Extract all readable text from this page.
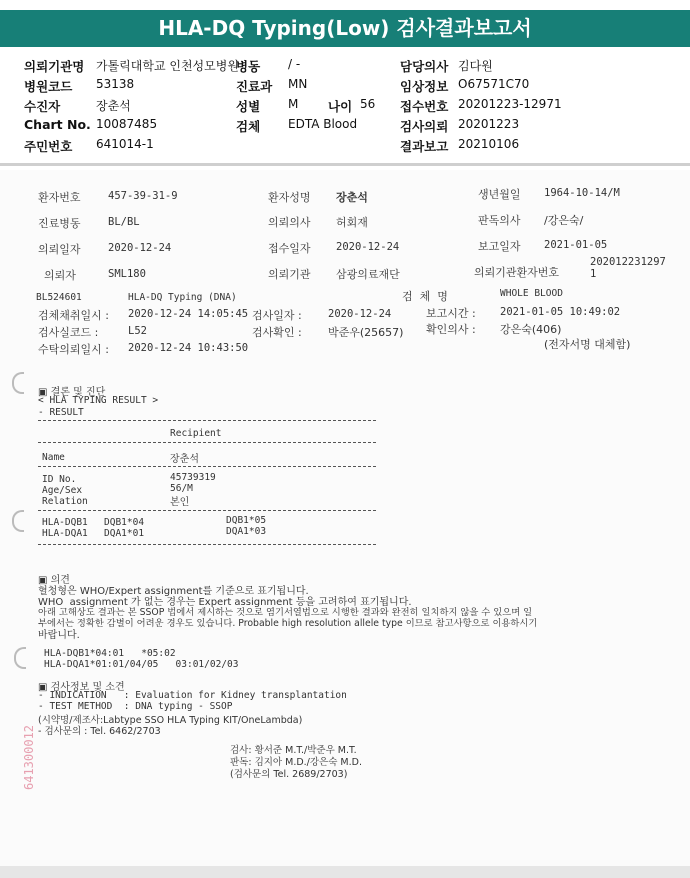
HLA-DQ Typing(Low) 검사결과보고서
의뢰기관명 가톨릭대학교 인천성모병원
병동 / -	담당의사 김다원
병원코드 53138	진료과 MN	임상정보 O67571C70
수진자	장춘석	성별 M 나이 56 접수번호 20201223-12971
Chart No. 10087485	검체 EDTA Blood	검사의뢰 20201223
주민번호 641014-1	결과보고 20210106
환자번호	457-39-31-9	환자성명 장춘석	생년월일 1964-10-14/M
진료병동	BL/BL	의뢰의사 허회재	판독의사 /강은숙/
의뢰일자	2020-12-24	접수일자 2020-12-24	보고일자 2021-01-05
의뢰자	SML180	의뢰기관 삼광의료재단	의뢰기관환자번호
202012231297
1
BL524601	HLA-DQ Typing (DNA)	검  체  명	WHOLE BLOOD
검체채취일시 : 2020-12-24 14:05:45 검사일자 :	2020-12-24	보고시간 : 2021-01-05 10:49:02
검사실코드 :	L52	검사확인 : 박준우(25657) 확인의사 : 강은숙(406)
수탁의뢰일시 : 2020-12-24 10:43:50	(전자서명 대체함)
▣ 결론 및 진단
< HLA TYPING RESULT >
- RESULT
Recipient
Name	장춘석
ID No.	45739319
Age/Sex	56/M
Relation	본인
HLA-DQB1 DQB1*04	DQB1*05
HLA-DQA1 DQA1*01	DQA1*03
▣ 의견
혈청형은 WHO/Expert assignment를 기준으로 표기됩니다.
WHO  assignment 가 없는 경우는 Expert assignment 등을 고려하여 표기됩니다.
아래 고해상도 결과는 본 SSOP 법에서 제시하는 것으로 염기서열법으로 시행한 결과와 완전히 일치하지 않을 수 있으며 일
부에서는 정확한 감별이 어려운 경우도 있습니다. Probable high resolution allele type 이므로 참고사항으로 이용하시기
바랍니다.
HLA-DQB1*04:01   *05:02
HLA-DQA1*01:01/04/05   03:01/02/03
▣ 검사정보 및 소견
- INDICATION   : Evaluation for Kidney transplantation
- TEST METHOD  : DNA typing - SSOP
(시약명/제조사:Labtype SSO HLA Typing KIT/OneLambda)
- 검사문의 : Tel. 6462/2703
검사: 황서준 M.T./박준우 M.T.
판독: 김지아 M.D./강은숙 M.D.
(검사문의 Tel. 2689/2703)
641300012
